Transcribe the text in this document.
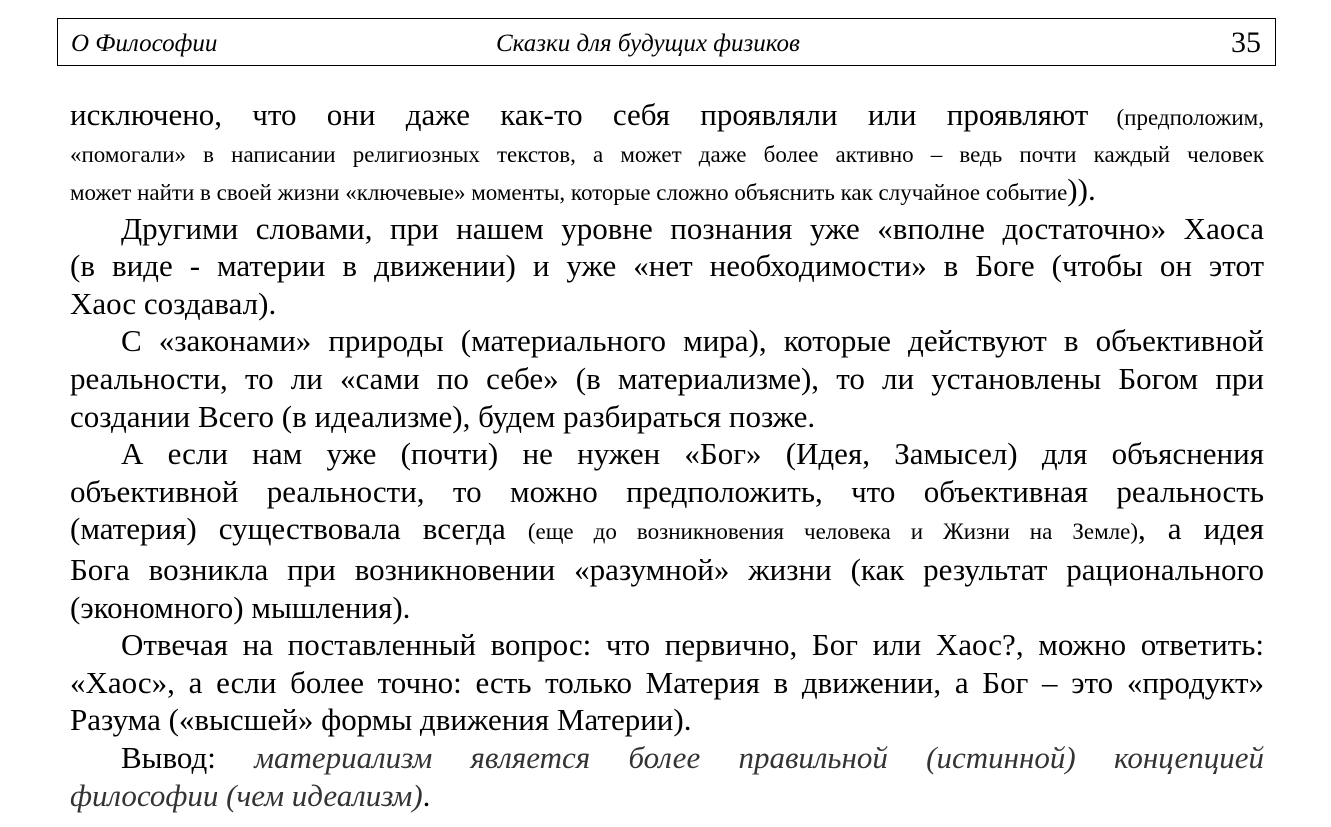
О Философии	Сказки для будущих физиков	35
исключено, что они даже как-то себя проявляли или проявляют (предположим,
«помогали» в написании религиозных текстов, а может даже более активно – ведь почти каждый человек
может найти в своей жизни «ключевые» моменты, которые сложно объяснить как случайное событие)).
Другими словами, при нашем уровне познания уже «вполне достаточно» Хаоса
(в виде - материи в движении) и уже «нет необходимости» в Боге (чтобы он этот
Хаос создавал).
С «законами» природы (материального мира), которые действуют в объективной
реальности, то ли «сами по себе» (в материализме), то ли установлены Богом при
создании Всего (в идеализме), будем разбираться позже.
А если нам уже (почти) не нужен «Бог» (Идея, Замысел) для объяснения
объективной реальности, то можно предположить, что объективная реальность
(материя) существовала всегда (еще до возникновения человека и Жизни на Земле), а идея
Бога возникла при возникновении «разумной» жизни (как результат рационального
(экономного) мышления).
Отвечая на поставленный вопрос: что первично, Бог или Хаос?, можно ответить:
«Хаос», а если более точно: есть только Материя в движении, а Бог – это «продукт»
Разума («высшей» формы движения Материи).
Вывод: материализм является более правильной (истинной) концепцией
философии (чем идеализм).
